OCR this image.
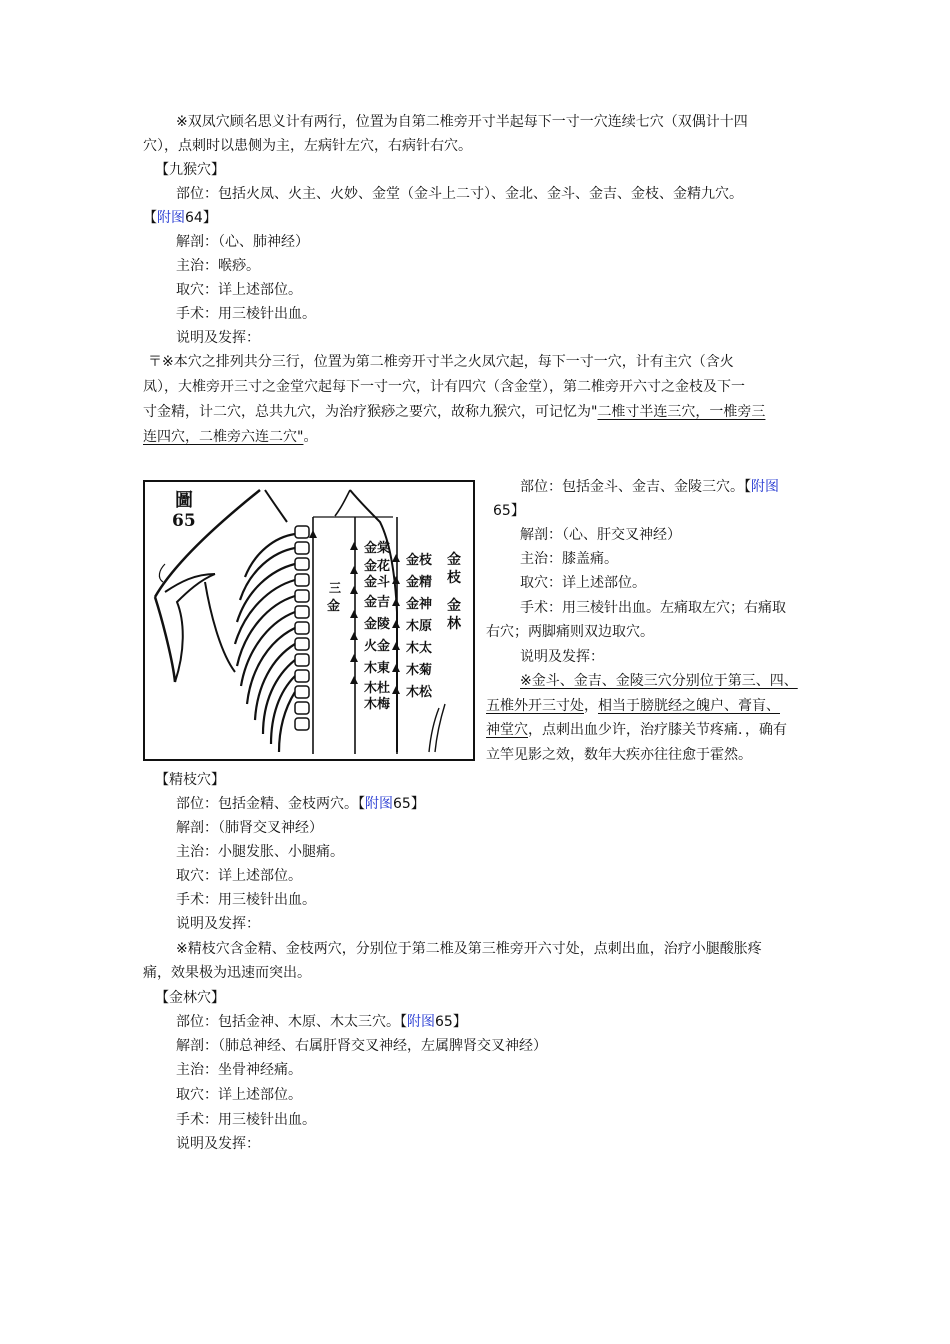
※双凤穴顾名思义计有两行，位置为自第二椎旁开寸半起每下一寸一穴连续七穴（双偶计十四
穴），点刺时以患侧为主，左病针左穴，右病针右穴。
【九猴穴】
部位：包括火凤、火主、火妙、金堂（金斗上二寸）、金北、金斗、金吉、金枝、金精九穴。
【附图64】
解剖：（心、肺神经）
主治：喉痧。
取穴：详上述部位。
手术：用三棱针出血。
说明及发挥：
〒※本穴之排列共分三行，位置为第二椎旁开寸半之火凤穴起，每下一寸一穴，计有主穴（含火
凤），大椎旁开三寸之金堂穴起每下一寸一穴，计有四穴（含金堂），第二椎旁开六寸之金枝及下一
寸金精，计二穴，总共九穴，为治疗猴痧之要穴，故称九猴穴，可记忆为"二椎寸半连三穴，一椎旁三
连四穴，二椎旁六连二穴"。
圖
65
三
金
金棠
金花
金斗
金吉
金陵
火金
木東
木杜
木梅
金枝
金精
金神
木原
木太
木菊
木松
金
枝
金
林
部位：包括金斗、金吉、金陵三穴。【附图
65】
解剖：（心、肝交叉神经）
主治：膝盖痛。
取穴：详上述部位。
手术：用三棱针出血。左痛取左穴；右痛取
右穴；两脚痛则双边取穴。
说明及发挥：
※金斗、金吉、金陵三穴分别位于第三、四、
五椎外开三寸处，相当于膀胱经之魄户、膏肓、
神堂穴，点刺出血少许，治疗膝关节疼痛．，确有
立竿见影之效，数年大疾亦往往愈于霍然。
【精枝穴】
部位：包括金精、金枝两穴。【附图65】
解剖：（肺肾交叉神经）
主治：小腿发胀、小腿痛。
取穴：详上述部位。
手术：用三棱针出血。
说明及发挥：
※精枝穴含金精、金枝两穴，分别位于第二椎及第三椎旁开六寸处，点刺出血，治疗小腿酸胀疼
痛，效果极为迅速而突出。
【金林穴】
部位：包括金神、木原、木太三穴。【附图65】
解剖：（肺总神经、右属肝肾交叉神经，左属脾肾交叉神经）
主治：坐骨神经痛。
取穴：详上述部位。
手术：用三棱针出血。
说明及发挥：
